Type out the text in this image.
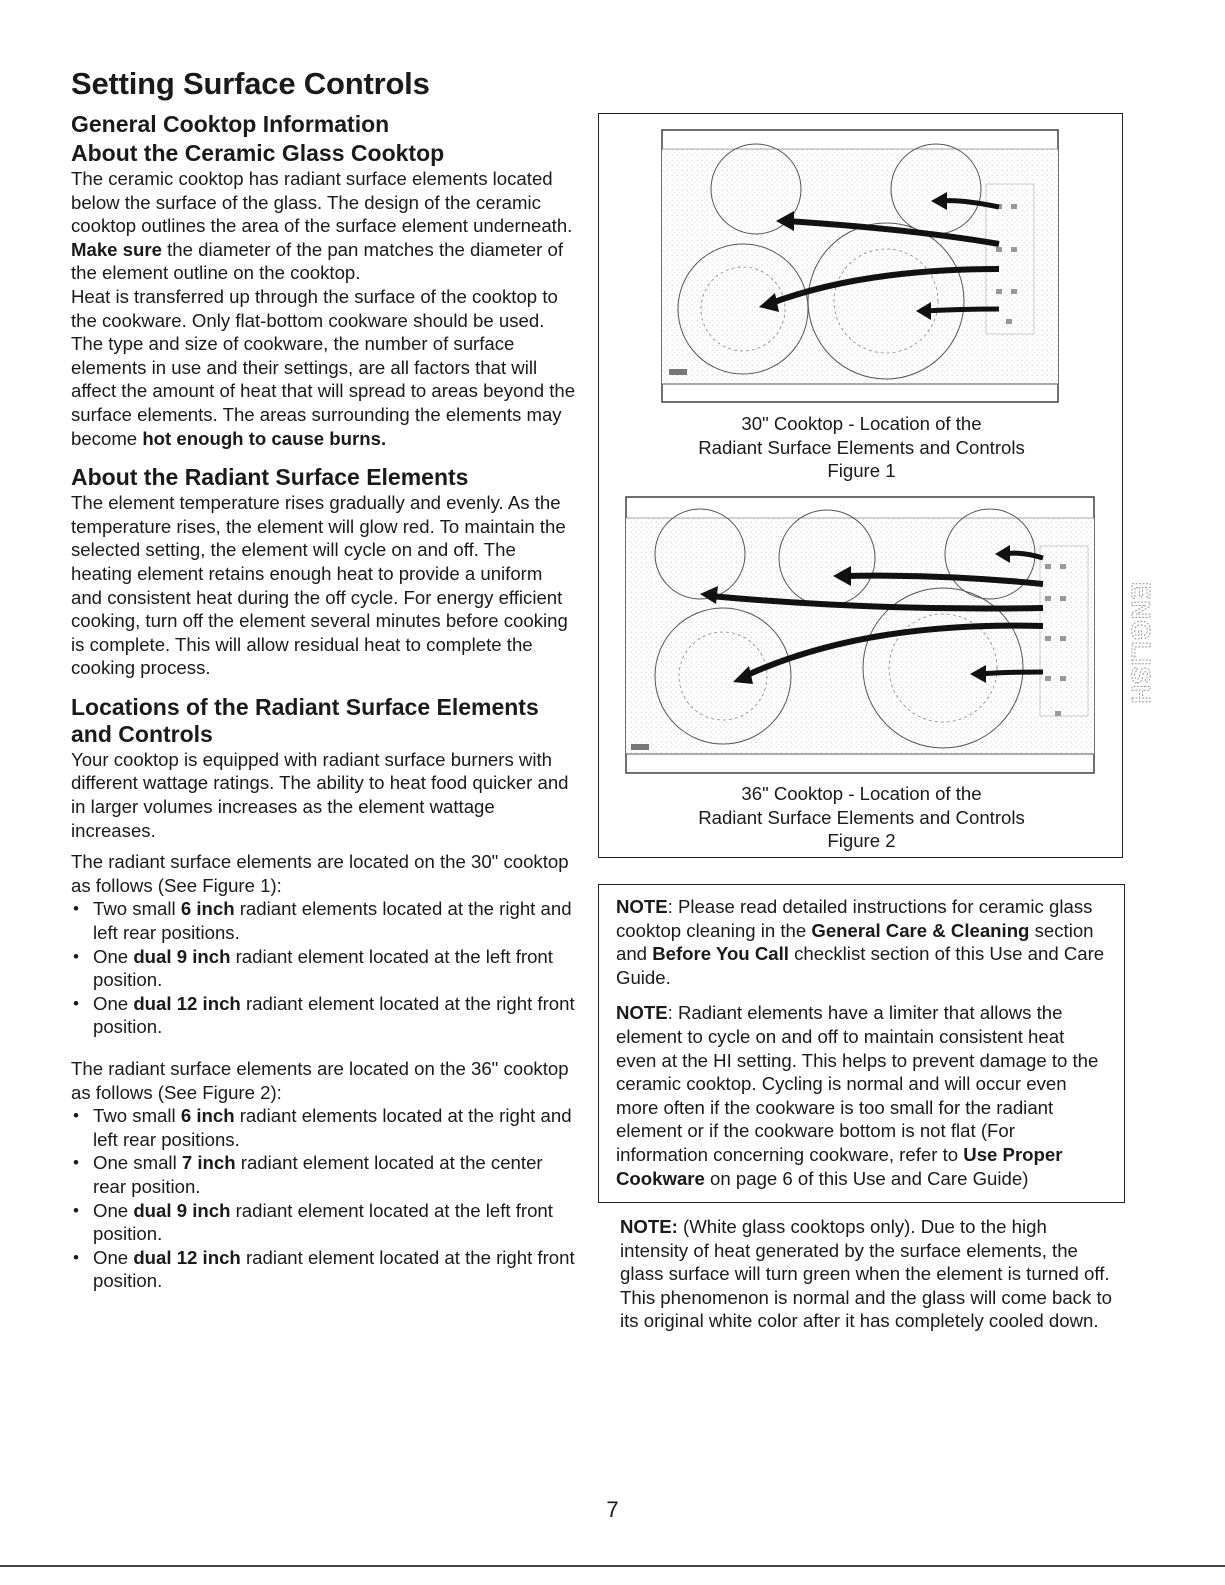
Setting Surface Controls
General Cooktop Information
About the Ceramic Glass Cooktop

The ceramic cooktop has radiant surface elements located below the surface of the glass. The design of the ceramic cooktop outlines the area of the surface element underneath. Make sure the diameter of the pan matches the diameter of the element outline on the cooktop.

Heat is transferred up through the surface of the cooktop to the cookware. Only flat-bottom cookware should be used. The type and size of cookware, the number of surface elements in use and their settings, are all factors that will affect the amount of heat that will spread to areas beyond the surface elements. The areas surrounding the elements may become hot enough to cause burns.

About the Radiant Surface Elements

The element temperature rises gradually and evenly. As the temperature rises, the element will glow red. To maintain the selected setting, the element will cycle on and off. The heating element retains enough heat to provide a uniform and consistent heat during the off cycle. For energy efficient cooking, turn off the element several minutes before cooking is complete. This will allow residual heat to complete the cooking process.

Locations of the Radiant Surface Elements and Controls

Your cooktop is equipped with radiant surface burners with different wattage ratings. The ability to heat food quicker and in larger volumes increases as the element wattage increases.

The radiant surface elements are located on the 30" cooktop as follows (See Figure 1):

• Two small 6 inch radiant elements located at the right and left rear positions.
• One dual 9 inch radiant element located at the left front position.
• One dual 12 inch radiant element located at the right front position.

The radiant surface elements are located on the 36" cooktop as follows (See Figure 2):

• Two small 6 inch radiant elements located at the right and left rear positions.
• One small 7 inch radiant element located at the center rear position.
• One dual 9 inch radiant element located at the left front position.
• One dual 12 inch radiant element located at the right front position.
30" Cooktop - Location of the
Radiant Surface Elements and Controls
Figure 1
36" Cooktop - Location of the
Radiant Surface Elements and Controls
Figure 2

NOTE: Please read detailed instructions for ceramic glass cooktop cleaning in the General Care & Cleaning section and Before You Call checklist section of this Use and Care Guide.

NOTE: Radiant elements have a limiter that allows the element to cycle on and off to maintain consistent heat even at the HI setting. This helps to prevent damage to the ceramic cooktop. Cycling is normal and will occur even more often if the cookware is too small for the radiant element or if the cookware bottom is not flat (For information concerning cookware, refer to Use Proper Cookware on page 6 of this Use and Care Guide)

NOTE: (White glass cooktops only). Due to the high intensity of heat generated by the surface elements, the glass surface will turn green when the element is turned off. This phenomenon is normal and the glass will come back to its original white color after it has completely cooled down.

ENGLISH
7
